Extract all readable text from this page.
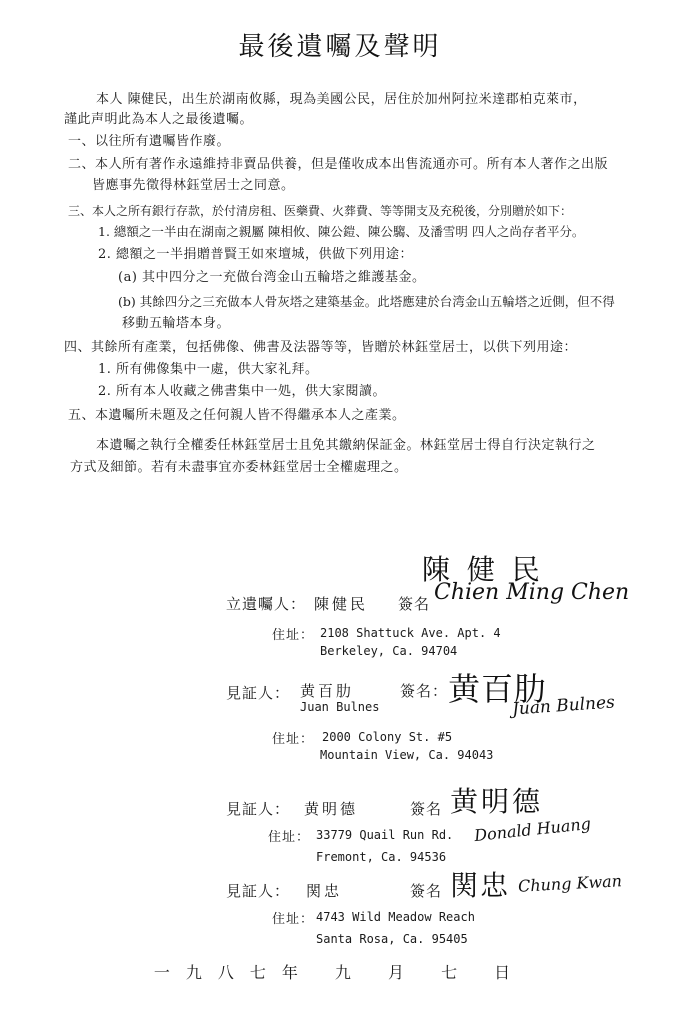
最後遺囑及聲明
本人 陳健民，出生於湖南攸縣，現為美國公民，居住於加州阿拉米達郡柏克萊市，
謹此声明此為本人之最後遺囑。
一、以往所有遺囑皆作廢。
二、本人所有著作永遠維持非賣品供養，但是僅收成本出售流通亦可。所有本人著作之出版
皆應事先徵得林鈺堂居士之同意。
三、本人之所有銀行存款，於付清房租、医藥費、火葬費、等等開支及充税後，分別贈於如下：
1. 總額之一半由在湖南之親屬 陳相攸、陳公鎧、陳公騶、及潘雪明 四人之尚存者平分。
2. 總額之一半捐贈普賢王如來壇城，供做下列用途：
(a) 其中四分之一充做台湾金山五輪塔之維護基金。
(b) 其餘四分之三充做本人骨灰塔之建築基金。此塔應建於台湾金山五輪塔之近側，但不得
移動五輪塔本身。
四、其餘所有產業，包括佛像、佛書及法器等等，皆贈於林鈺堂居士，以供下列用途：
1. 所有佛像集中一處，供大家礼拜。
2. 所有本人收藏之佛書集中一処，供大家閱讀。
五、本遺囑所未題及之任何親人皆不得繼承本人之產業。
本遺囑之執行全權委任林鈺堂居士且免其繳納保証金。林鈺堂居士得自行決定執行之
方式及細節。若有未盡事宜亦委林鈺堂居士全權處理之。
立遺囑人： 陳健民 簽名
陳 健 民
Chien Ming Chen
住址： 2108 Shattuck Ave. Apt. 4
Berkeley, Ca. 94704
見証人： 黄百肋
Juan Bulnes
簽名： 黄百肋
Juan Bulnes
住址： 2000 Colony St. #5
Mountain View, Ca. 94043
見証人： 黄明德	簽名 黄明德
Donald Huang
住址： 33779 Quail Run Rd.
Fremont, Ca. 94536
見証人： 関忠	簽名 関忠 Chung Kwan
住址： 4743 Wild Meadow Reach
Santa Rosa, Ca. 95405
一九八七年 九 月 七 日
